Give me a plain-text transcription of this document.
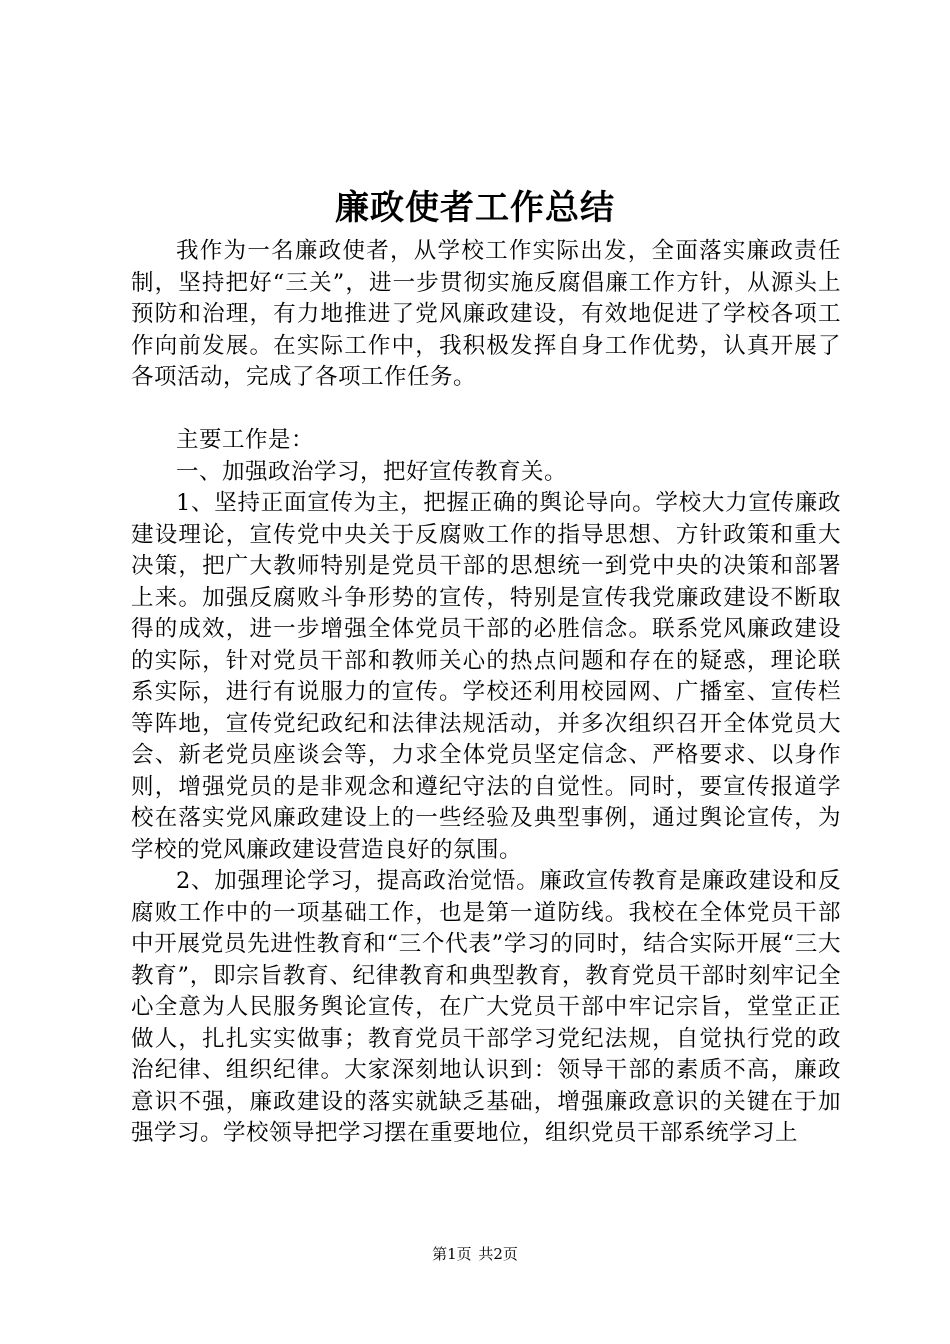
廉政使者工作总结

我作为一名廉政使者，从学校工作实际出发，全面落实廉政责任制，坚持把好“三关”，进一步贯彻实施反腐倡廉工作方针，从源头上预防和治理，有力地推进了党风廉政建设，有效地促进了学校各项工作向前发展。在实际工作中，我积极发挥自身工作优势，认真开展了各项活动，完成了各项工作任务。

主要工作是：

一、加强政治学习，把好宣传教育关。

1、坚持正面宣传为主，把握正确的舆论导向。学校大力宣传廉政建设理论，宣传党中央关于反腐败工作的指导思想、方针政策和重大决策，把广大教师特别是党员干部的思想统一到党中央的决策和部署上来。加强反腐败斗争形势的宣传，特别是宣传我党廉政建设不断取得的成效，进一步增强全体党员干部的必胜信念。联系党风廉政建设的实际，针对党员干部和教师关心的热点问题和存在的疑惑，理论联系实际，进行有说服力的宣传。学校还利用校园网、广播室、宣传栏等阵地，宣传党纪政纪和法律法规活动，并多次组织召开全体党员大会、新老党员座谈会等，力求全体党员坚定信念、严格要求、以身作则，增强党员的是非观念和遵纪守法的自觉性。同时，要宣传报道学校在落实党风廉政建设上的一些经验及典型事例，通过舆论宣传，为学校的党风廉政建设营造良好的氛围。

2、加强理论学习，提高政治觉悟。廉政宣传教育是廉政建设和反腐败工作中的一项基础工作，也是第一道防线。我校在全体党员干部中开展党员先进性教育和“三个代表”学习的同时，结合实际开展“三大教育”，即宗旨教育、纪律教育和典型教育，教育党员干部时刻牢记全心全意为人民服务舆论宣传，在广大党员干部中牢记宗旨，堂堂正正做人，扎扎实实做事；教育党员干部学习党纪法规，自觉执行党的政治纪律、组织纪律。大家深刻地认识到：领导干部的素质不高，廉政意识不强，廉政建设的落实就缺乏基础，增强廉政意识的关键在于加强学习。学校领导把学习摆在重要地位，组织党员干部系统学习上

第1页 共2页
